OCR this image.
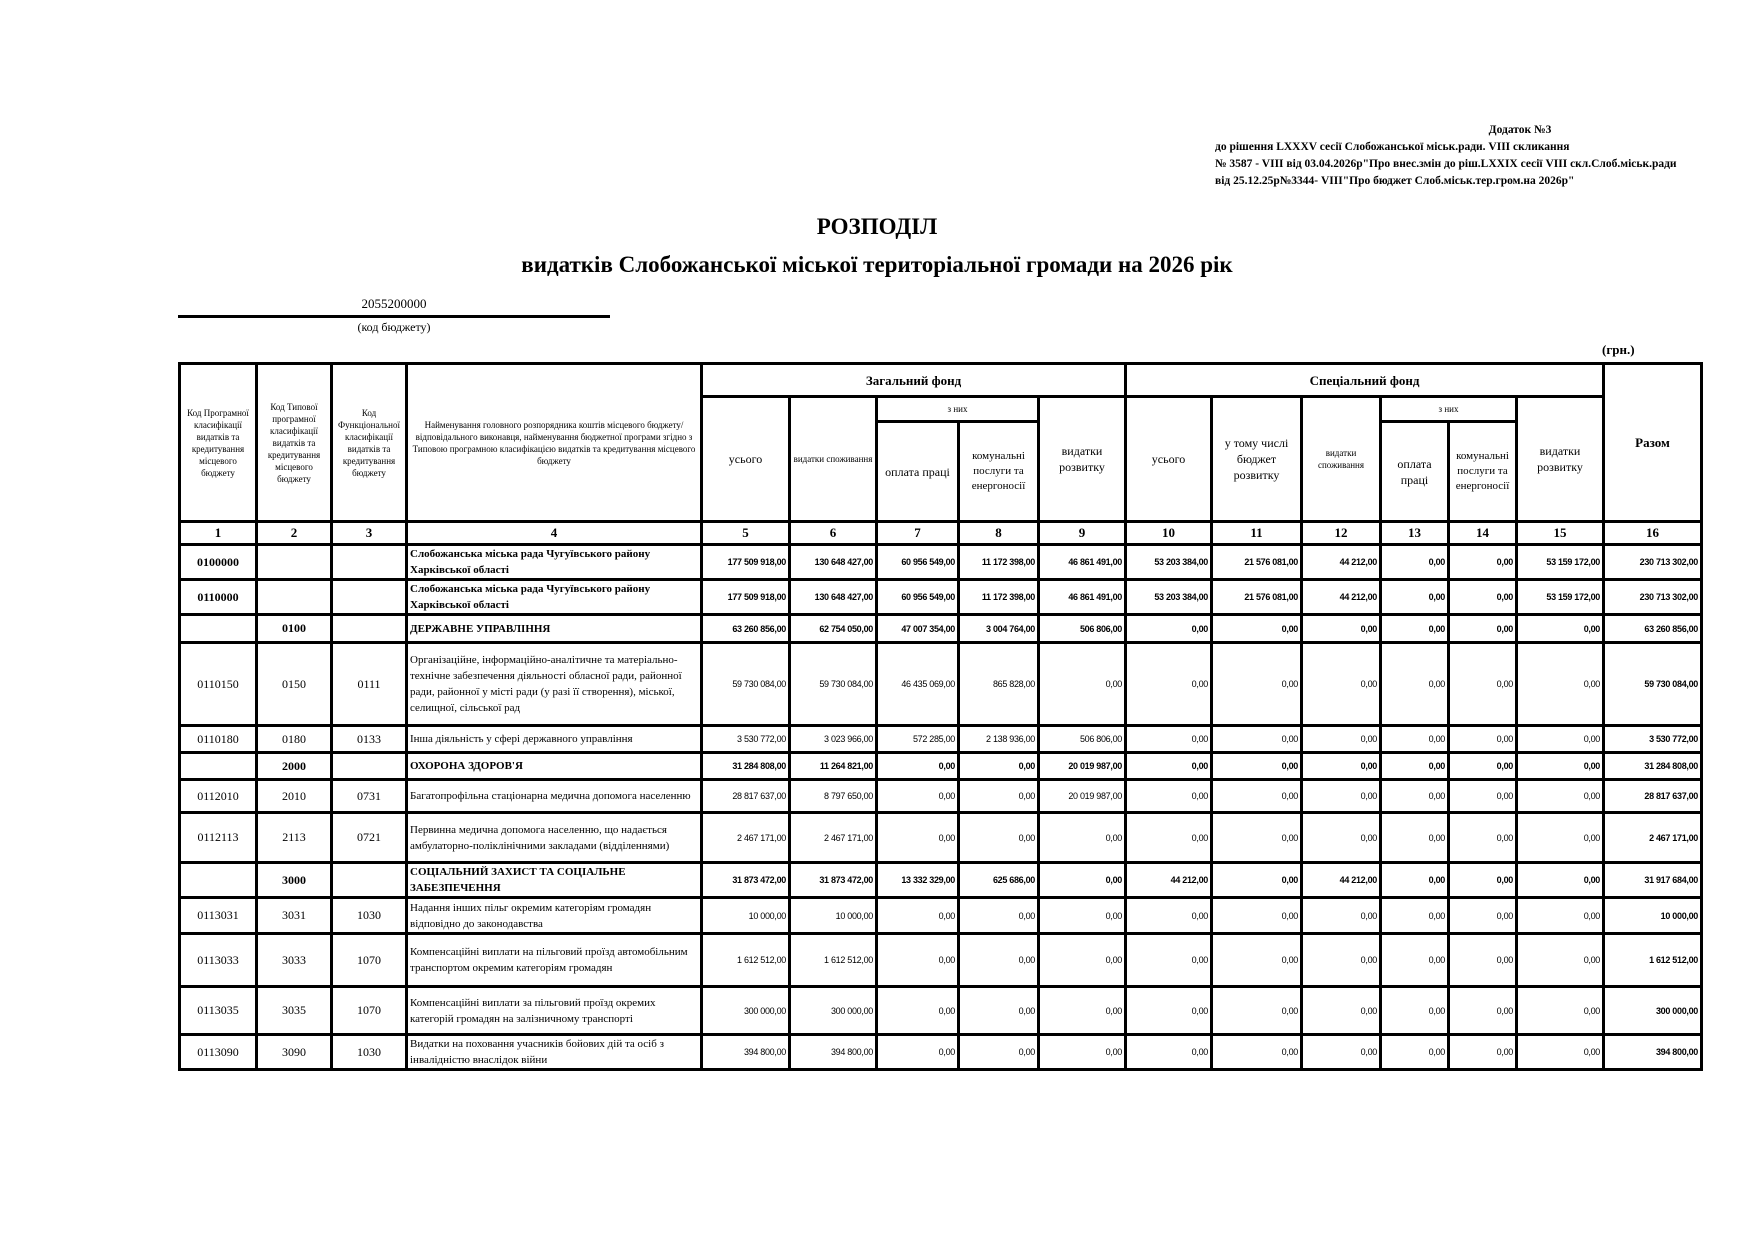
Додаток №3
до рішення LXXXV сесії Слобожанської міськ.ради. VIII скликання
№ 3587 - VIII від 03.04.2026р"Про внес.змін до ріш.LXXIX сесії VIII скл.Слоб.міськ.ради
від 25.12.25р№3344- VIII"Про бюджет Слоб.міськ.тер.гром.на 2026р"
РОЗПОДІЛ
видатків Слобожанської міської територіальної громади на 2026 рік
2055200000
(код бюджету)
(грн.)
Код Програмної класифікації видатків та кредитування місцевого бюджету	Код Типової програмної класифікації видатків та кредитування місцевого бюджету	Код Функціональної класифікації видатків та кредитування бюджету	Найменування головного розпорядника коштів місцевого бюджету/ відповідального виконавця, найменування бюджетної програми згідно з Типовою програмною класифікацією видатків та кредитування місцевого бюджету	Загальний фонд					Спеціальний фонд						Разом
				усього	видатки споживання	з них		видатки розвитку	усього	у тому числі бюджет розвитку	видатки споживання	з них		видатки розвитку	
						оплата праці	комунальні послуги та енергоносії					оплата праці	комунальні послуги та енергоносії		
1	2	3	4	5	6	7	8	9	10	11	12	13	14	15	16
0100000			Слобожанська міська рада Чугуївського району Харківської області	177 509 918,00	130 648 427,00	60 956 549,00	11 172 398,00	46 861 491,00	53 203 384,00	21 576 081,00	44 212,00	0,00	0,00	53 159 172,00	230 713 302,00
0110000			Слобожанська міська рада Чугуївського району Харківської області	177 509 918,00	130 648 427,00	60 956 549,00	11 172 398,00	46 861 491,00	53 203 384,00	21 576 081,00	44 212,00	0,00	0,00	53 159 172,00	230 713 302,00
	0100		ДЕРЖАВНЕ УПРАВЛІННЯ	63 260 856,00	62 754 050,00	47 007 354,00	3 004 764,00	506 806,00	0,00	0,00	0,00	0,00	0,00	0,00	63 260 856,00
0110150	0150	0111	Організаційне, інформаційно-аналітичне та матеріально-технічне забезпечення діяльності обласної ради, районної ради, районної у місті ради (у разі її створення), міської, селищної, сільської рад	59 730 084,00	59 730 084,00	46 435 069,00	865 828,00	0,00	0,00	0,00	0,00	0,00	0,00	0,00	59 730 084,00
0110180	0180	0133	Інша діяльність у сфері державного управління	3 530 772,00	3 023 966,00	572 285,00	2 138 936,00	506 806,00	0,00	0,00	0,00	0,00	0,00	0,00	3 530 772,00
	2000		ОХОРОНА ЗДОРОВ'Я	31 284 808,00	11 264 821,00	0,00	0,00	20 019 987,00	0,00	0,00	0,00	0,00	0,00	0,00	31 284 808,00
0112010	2010	0731	Багатопрофільна стаціонарна медична допомога населенню	28 817 637,00	8 797 650,00	0,00	0,00	20 019 987,00	0,00	0,00	0,00	0,00	0,00	0,00	28 817 637,00
0112113	2113	0721	Первинна медична допомога населенню, що надається амбулаторно-поліклінічними закладами (відділеннями)	2 467 171,00	2 467 171,00	0,00	0,00	0,00	0,00	0,00	0,00	0,00	0,00	0,00	2 467 171,00
	3000		СОЦІАЛЬНИЙ ЗАХИСТ ТА СОЦІАЛЬНЕ ЗАБЕЗПЕЧЕННЯ	31 873 472,00	31 873 472,00	13 332 329,00	625 686,00	0,00	44 212,00	0,00	44 212,00	0,00	0,00	0,00	31 917 684,00
0113031	3031	1030	Надання інших пільг окремим категоріям громадян відповідно до законодавства	10 000,00	10 000,00	0,00	0,00	0,00	0,00	0,00	0,00	0,00	0,00	0,00	10 000,00
0113033	3033	1070	Компенсаційні виплати на пільговий проїзд автомобільним транспортом окремим категоріям громадян	1 612 512,00	1 612 512,00	0,00	0,00	0,00	0,00	0,00	0,00	0,00	0,00	0,00	1 612 512,00
0113035	3035	1070	Компенсаційні виплати за пільговий проїзд окремих категорій громадян на залізничному транспорті	300 000,00	300 000,00	0,00	0,00	0,00	0,00	0,00	0,00	0,00	0,00	0,00	300 000,00
0113090	3090	1030	Видатки на поховання учасників бойових дій та осіб з інвалідністю внаслідок війни	394 800,00	394 800,00	0,00	0,00	0,00	0,00	0,00	0,00	0,00	0,00	0,00	394 800,00
